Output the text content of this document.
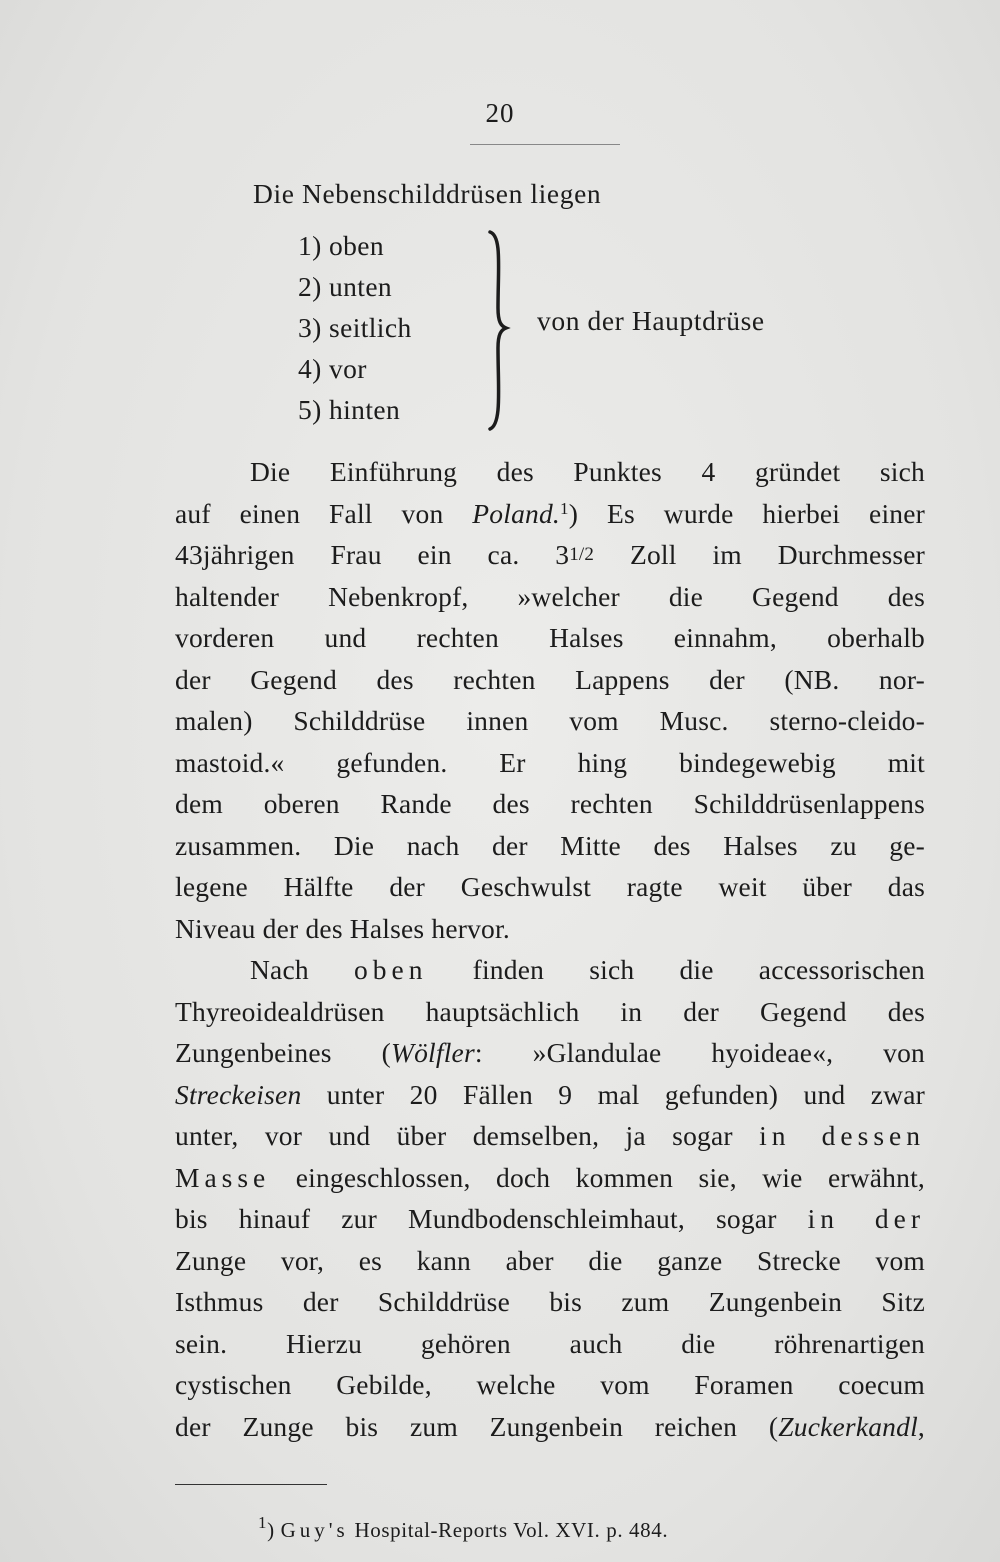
20
Die Nebenschilddrüsen liegen
1) oben
2) unten
3) seitlich
4) vor
5) hinten
von der Hauptdrüse
Die Einführung des Punktes 4 gründet sich
auf einen Fall von Poland.$^1$) Es wurde hierbei einer
43jährigen Frau ein ca. 31/2 Zoll im Durchmesser
haltender Nebenkropf, »welcher die Gegend des
vorderen und rechten Halses einnahm, oberhalb
der Gegend des rechten Lappens der (NB. nor-
malen) Schilddrüse innen vom Musc. sterno-cleido-
mastoid.« gefunden. Er hing bindegewebig mit
dem oberen Rande des rechten Schilddrüsenlappens
zusammen. Die nach der Mitte des Halses zu ge-
legene Hälfte der Geschwulst ragte weit über das
Niveau der des Halses hervor.
Nach oben finden sich die accessorischen
Thyreoidealdrüsen hauptsächlich in der Gegend des
Zungenbeines (Wölfler: »Glandulae hyoideae«, von
Streckeisen unter 20 Fällen 9 mal gefunden) und zwar
unter, vor und über demselben, ja sogar in dessen
Masse eingeschlossen, doch kommen sie, wie erwähnt,
bis hinauf zur Mundbodenschleimhaut, sogar in der
Zunge vor, es kann aber die ganze Strecke vom
Isthmus der Schilddrüse bis zum Zungenbein Sitz
sein. Hierzu gehören auch die röhrenartigen
cystischen Gebilde, welche vom Foramen coecum
der Zunge bis zum Zungenbein reichen (Zuckerkandl,
$^1$) Guy's Hospital-Reports Vol. XVI. p. 484.
